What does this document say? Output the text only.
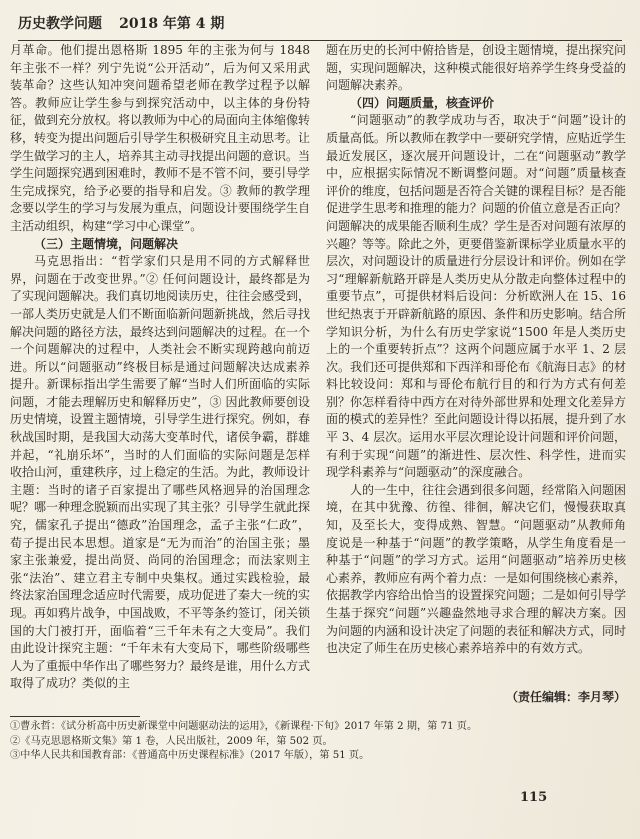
历史教学问题 2018 年第 4 期

月革命。他们提出恩格斯 1895 年的主张为何与 1848 年主张不一样？列宁先说“公开活动”，后为何又采用武装革命？这些认知冲突问题希望老师在教学过程予以解答。教师应让学生参与到探究活动中，以主体的身份特征，做到充分放权。将以教师为中心的局面向主体缩像转移，转变为提出问题后引导学生积极研究且主动思考。让学生做学习的主人，培养其主动寻找提出问题的意识。当学生问题探究遇到困难时，教师不是不管不问，要引导学生完成探究，给予必要的指导和启发。③ 教师的教学理念要以学生的学习与发展为重点，问题设计要围绕学生自主活动组织，构建“学习中心课堂”。

（三）主题情境，问题解决

马克思指出：“哲学家们只是用不同的方式解释世界，问题在于改变世界。”② 任何问题设计，最终都是为了实现问题解决。我们真切地阅读历史，往往会感受到，一部人类历史就是人们不断面临新问题新挑战，然后寻找解决问题的路径方法，最终达到问题解决的过程。在一个一个问题解决的过程中，人类社会不断实现跨越向前迈进。所以“问题驱动”终极目标是通过问题解决达成素养提升。新课标指出学生需要了解“当时人们所面临的实际问题，才能去理解历史和解释历史”，③ 因此教师要创设历史情境，设置主题情境，引导学生进行探究。例如，春秋战国时期，是我国大动荡大变革时代，诸侯争霸，群雄并起，“礼崩乐坏”，当时的人们面临的实际问题是怎样收拾山河，重建秩序，过上稳定的生活。为此，教师设计主题：当时的诸子百家提出了哪些风格迥异的治国理念呢？哪一种理念脱颖而出实现了其主张？引导学生就此探究，儒家孔子提出“德政”治国理念，孟子主张“仁政”，荀子提出民本思想。道家是“无为而治”的治国主张；墨家主张兼爱，提出尚贤、尚同的治国理念；而法家则主张“法治”、建立君主专制中央集权。通过实践检验，最终法家治国理念适应时代需要，成功促进了秦大一统的实现。再如鸦片战争，中国战败，不平等条约签订，闭关锁国的大门被打开，面临着“三千年未有之大变局”。我们由此设计探究主题：“千年未有大变局下，哪些阶级哪些人为了重振中华作出了哪些努力？最终是谁，用什么方式取得了成功？类似的主

题在历史的长河中俯拾皆是，创设主题情境，提出探究问题，实现问题解决，这种模式能很好培养学生终身受益的问题解决素养。

（四）问题质量，核查评价

“问题驱动”的教学成功与否，取决于“问题”设计的质量高低。所以教师在教学中一要研究学情，应贴近学生最近发展区，逐次展开问题设计，二在“问题驱动”教学中，应根据实际情况不断调整问题。对“问题”质量核查评价的维度，包括问题是否符合关键的课程目标？是否能促进学生思考和推理的能力？问题的价值立意是否正向？问题解决的成果能否顺利生成？学生是否对问题有浓厚的兴趣？等等。除此之外，更要借鉴新课标学业质量水平的层次，对问题设计的质量进行分层设计和评价。例如在学习“理解新航路开辟是人类历史从分散走向整体过程中的重要节点”，可提供材料后设问：分析欧洲人在 15、16 世纪热衷于开辟新航路的原因、条件和历史影响。结合所学知识分析，为什么有历史学家说“1500 年是人类历史上的一个重要转折点”？这两个问题应属于水平 1、2 层次。我们还可提供郑和下西洋和哥伦布《航海日志》的材料比较设问：郑和与哥伦布航行目的和行为方式有何差别？你怎样看待中西方在对待外部世界和处理文化差异方面的模式的差异性？至此问题设计得以拓展，提升到了水平 3、4 层次。运用水平层次理论设计问题和评价问题，有利于实现“问题”的渐进性、层次性、科学性，进而实现学科素养与“问题驱动”的深度融合。

人的一生中，往往会遇到很多问题，经常陷入问题困境，在其中犹豫、彷徨、徘徊，解决它们，慢慢获取真知，及至长大，变得成熟、智慧。“问题驱动”从教师角度说是一种基于“问题”的教学策略，从学生角度看是一种基于“问题”的学习方式。运用“问题驱动”培养历史核心素养，教师应有两个着力点：一是如何围绕核心素养，依据教学内容给出恰当的设置探究问题；二是如何引导学生基于探究“问题”兴趣盎然地寻求合理的解决方案。因为问题的内涵和设计决定了问题的表征和解决方式，同时也决定了师生在历史核心素养培养中的有效方式。

（责任编辑：李月琴）

①曹永哲：《试分析高中历史新课堂中问题驱动法的运用》，《新课程·下旬》2017 年第 2 期，第 71 页。

②《马克思恩格斯文集》第 1 卷，人民出版社，2009 年，第 502 页。

③中华人民共和国教育部：《普通高中历史课程标准》（2017 年版），第 51 页。

115
